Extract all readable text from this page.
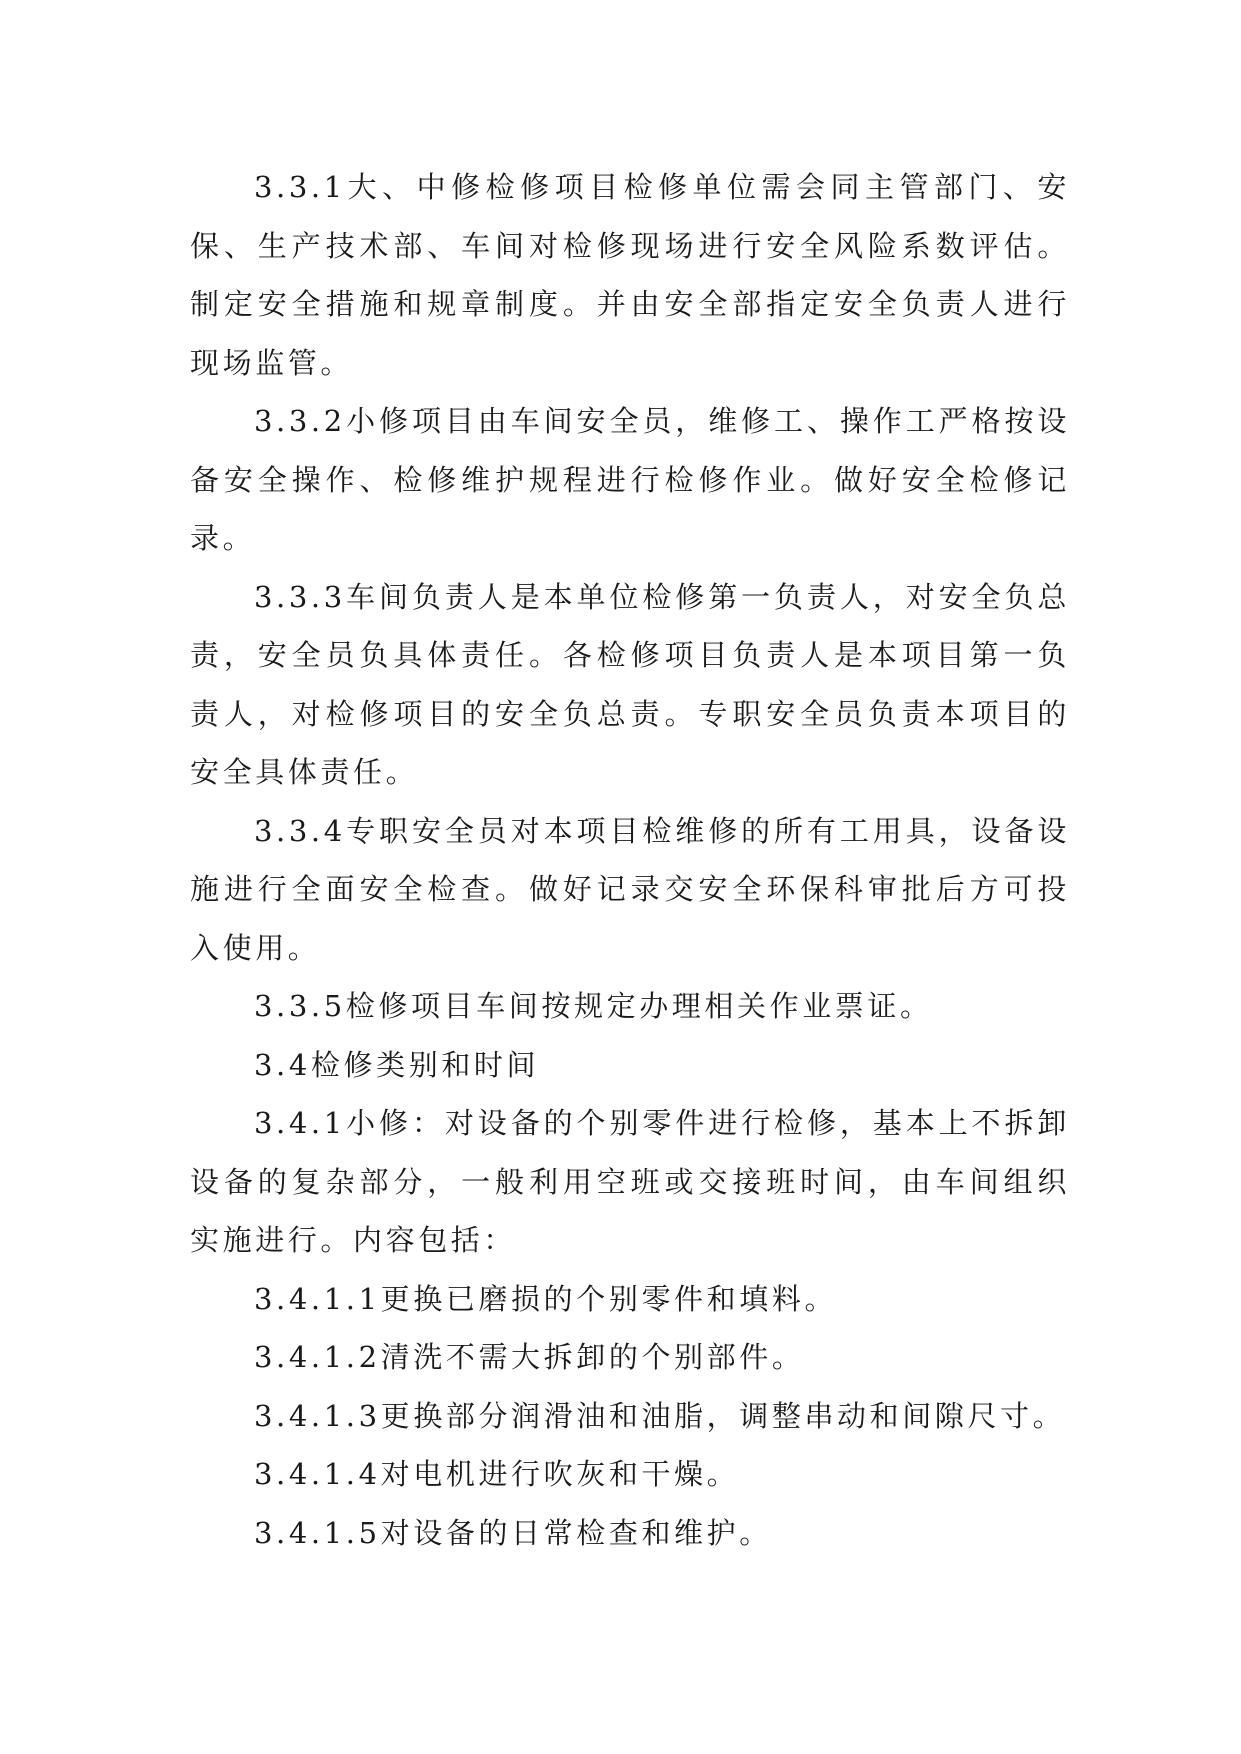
3.3.1大、中修检修项目检修单位需会同主管部门、安保、生产技术部、车间对检修现场进行安全风险系数评估。制定安全措施和规章制度。并由安全部指定安全负责人进行现场监管。

3.3.2小修项目由车间安全员，维修工、操作工严格按设备安全操作、检修维护规程进行检修作业。做好安全检修记录。

3.3.3车间负责人是本单位检修第一负责人，对安全负总责，安全员负具体责任。各检修项目负责人是本项目第一负责人，对检修项目的安全负总责。专职安全员负责本项目的安全具体责任。

3.3.4专职安全员对本项目检维修的所有工用具，设备设施进行全面安全检查。做好记录交安全环保科审批后方可投入使用。

3.3.5检修项目车间按规定办理相关作业票证。

3.4检修类别和时间

3.4.1小修：对设备的个别零件进行检修，基本上不拆卸设备的复杂部分，一般利用空班或交接班时间，由车间组织实施进行。内容包括：

3.4.1.1更换已磨损的个别零件和填料。

3.4.1.2清洗不需大拆卸的个别部件。

3.4.1.3更换部分润滑油和油脂，调整串动和间隙尺寸。

3.4.1.4对电机进行吹灰和干燥。

3.4.1.5对设备的日常检查和维护。
